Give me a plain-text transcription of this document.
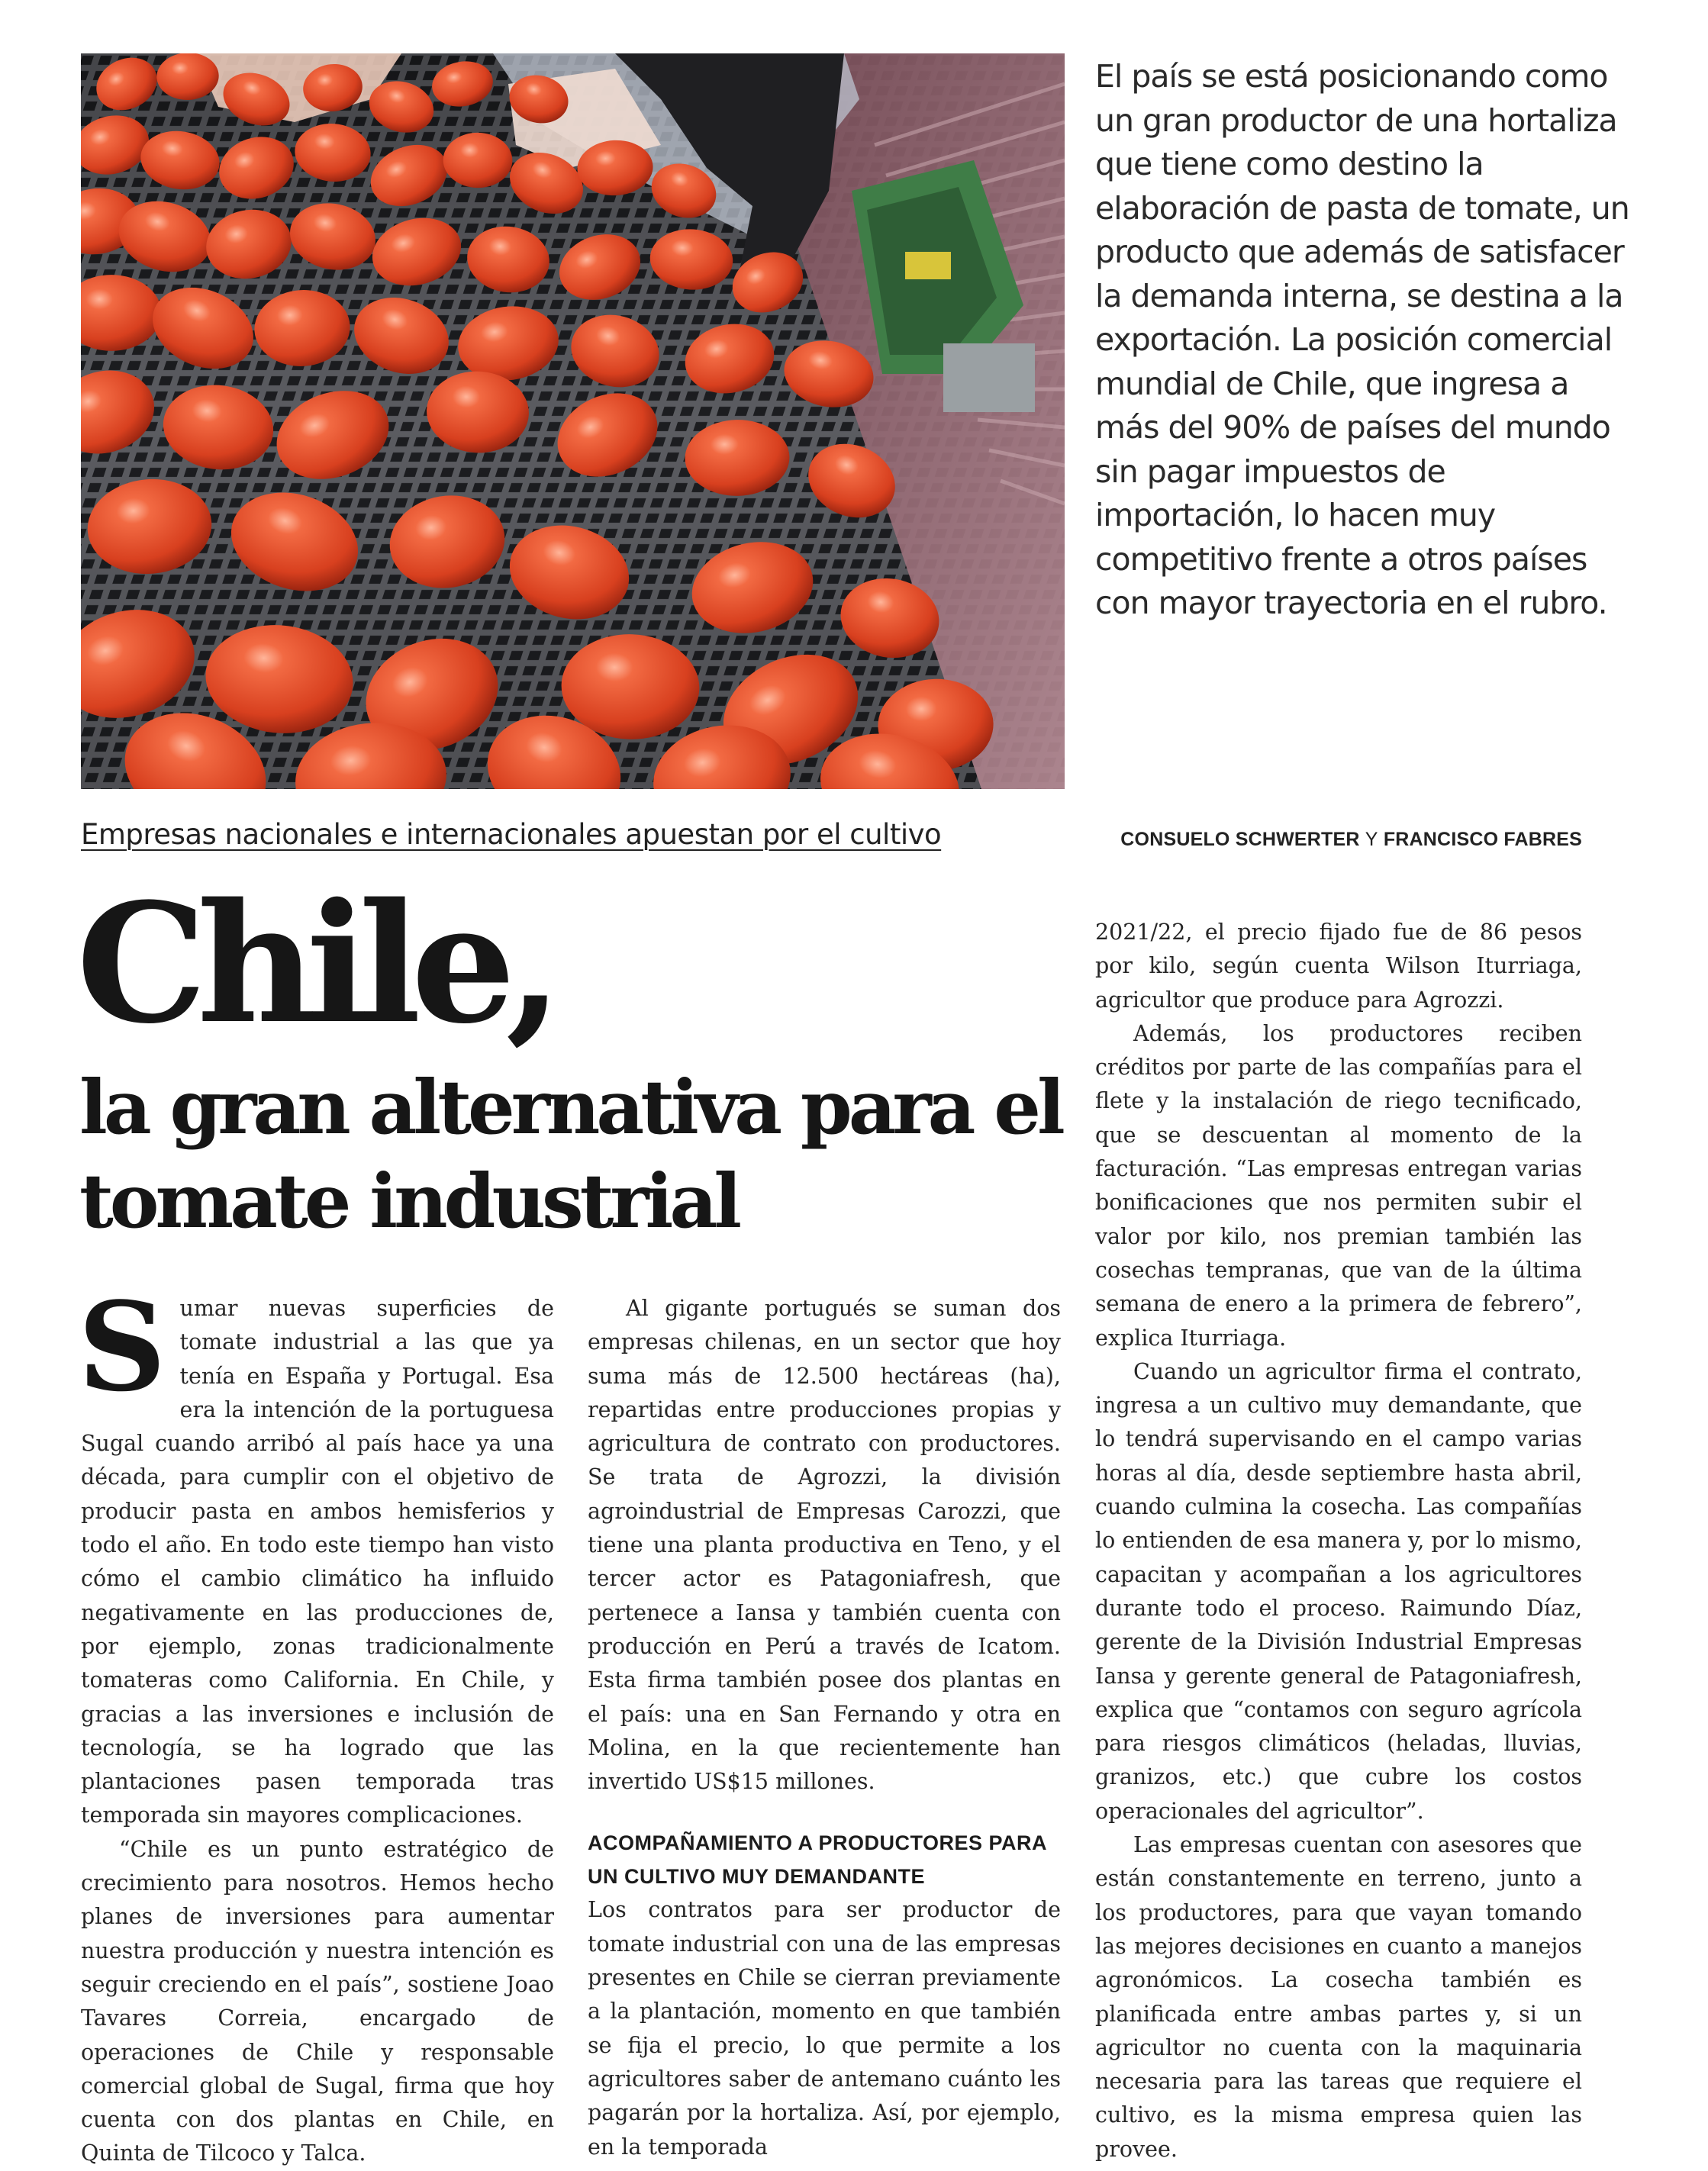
El país se está posicionando como un gran productor de una hortaliza que tiene como destino la elaboración de pasta de tomate, un producto que además de satisfacer la demanda interna, se destina a la exportación. La posición comercial mundial de Chile, que ingresa a más del 90% de países del mundo sin pagar impuestos de importación, lo hacen muy competitivo frente a otros países con mayor trayectoria en el rubro.

Empresas nacionales e internacionales apuestan por el cultivo	CONSUELO SCHWERTER Y FRANCISCO FABRES
Chile,
la gran alternativa para el tomate industrial

Sumar nuevas superficies de tomate industrial a las que ya tenía en España y Portugal. Esa era la intención de la portuguesa Sugal cuando arribó al país hace ya una década, para cumplir con el objetivo de producir pasta en ambos hemisferios y todo el año. En todo este tiempo han visto cómo el cambio climático ha influido negativamente en las producciones de, por ejemplo, zonas tradicionalmente tomateras como California. En Chile, y gracias a las inversiones e inclusión de tecnología, se ha logrado que las plantaciones pasen temporada tras temporada sin mayores complicaciones.

“Chile es un punto estratégico de crecimiento para nosotros. Hemos hecho planes de inversiones para aumentar nuestra producción y nuestra intención es seguir creciendo en el país”, sostiene Joao Tavares Correia, encargado de operaciones de Chile y responsable comercial global de Sugal, firma que hoy cuenta con dos plantas en Chile, en Quinta de Tilcoco y Talca.

Al gigante portugués se suman dos empresas chilenas, en un sector que hoy suma más de 12.500 hectáreas (ha), repartidas entre producciones propias y agricultura de contrato con productores. Se trata de Agrozzi, la división agroindustrial de Empresas Carozzi, que tiene una planta productiva en Teno, y el tercer actor es Patagoniafresh, que pertenece a Iansa y también cuenta con producción en Perú a través de Icatom. Esta firma también posee dos plantas en el país: una en San Fernando y otra en Molina, en la que recientemente han invertido US$15 millones.

ACOMPAÑAMIENTO A PRODUCTORES PARA UN CULTIVO MUY DEMANDANTE

Los contratos para ser productor de tomate industrial con una de las empresas presentes en Chile se cierran previamente a la plantación, momento en que también se fija el precio, lo que permite a los agricultores saber de antemano cuánto les pagarán por la hortaliza. Así, por ejemplo, en la temporada

2021/22, el precio fijado fue de 86 pesos por kilo, según cuenta Wilson Iturriaga, agricultor que produce para Agrozzi.

Además, los productores reciben créditos por parte de las compañías para el flete y la instalación de riego tecnificado, que se descuentan al momento de la facturación. “Las empresas entregan varias bonificaciones que nos permiten subir el valor por kilo, nos premian también las cosechas tempranas, que van de la última semana de enero a la primera de febrero”, explica Iturriaga.

Cuando un agricultor firma el contrato, ingresa a un cultivo muy demandante, que lo tendrá supervisando en el campo varias horas al día, desde septiembre hasta abril, cuando culmina la cosecha. Las compañías lo entienden de esa manera y, por lo mismo, capacitan y acompañan a los agricultores durante todo el proceso. Raimundo Díaz, gerente de la División Industrial Empresas Iansa y gerente general de Patagoniafresh, explica que “contamos con seguro agrícola para riesgos climáticos (heladas, lluvias, granizos, etc.) que cubre los costos operacionales del agricultor”.

Las empresas cuentan con asesores que están constantemente en terreno, junto a los productores, para que vayan tomando las mejores decisiones en cuanto a manejos agronómicos. La cosecha también es planificada entre ambas partes y, si un agricultor no cuenta con la maquinaria necesaria para las tareas que requiere el cultivo, es la misma empresa quien las provee.
